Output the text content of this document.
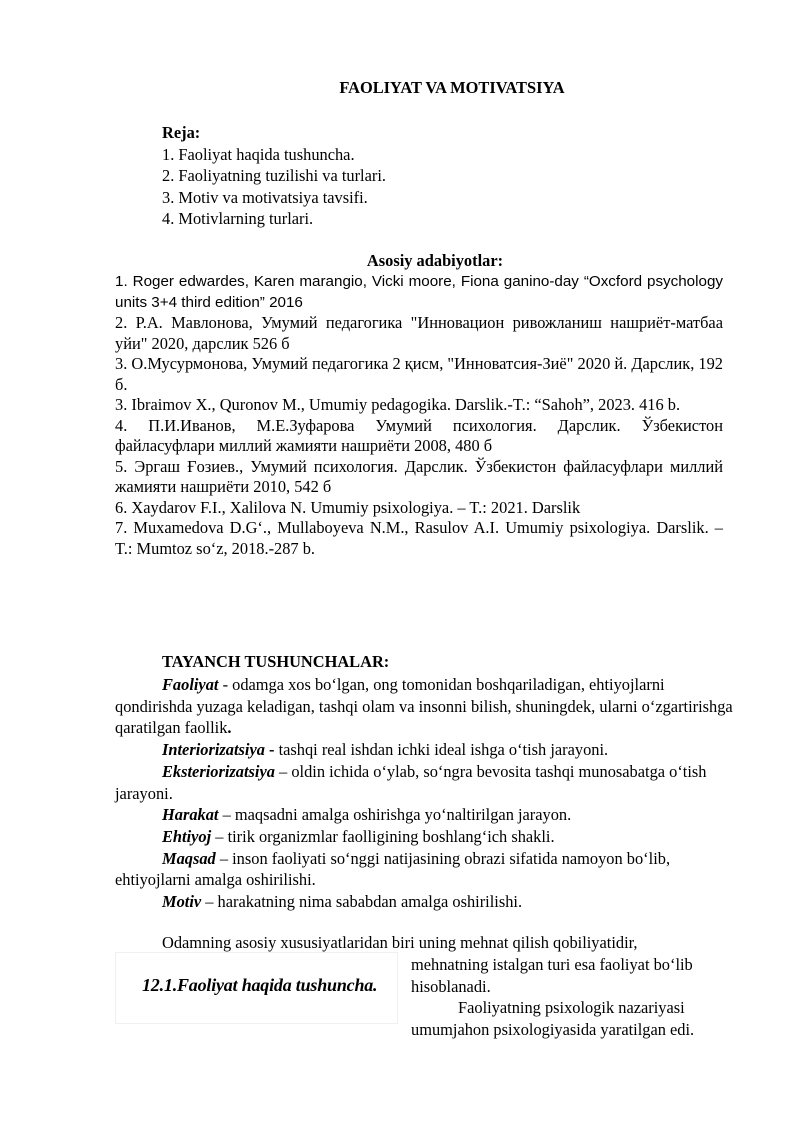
FAOLIYAT VA MOTIVATSIYA
Reja:
1. Faoliyat haqida tushuncha.
2. Faoliyatning tuzilishi va turlari.
3. Motiv va motivatsiya tavsifi.
4. Motivlarning turlari.
Asosiy adabiyotlar:

1. Roger edwardes, Karen marangio, Vicki moore, Fiona ganino-day “Oxcford psychology units 3+4 third edition” 2016

2. Р.А. Мавлонова, Умумий педагогика "Инновацион ривожланиш нашриёт-матбаа уйи" 2020, дарслик 526 б

3. О.Мусурмонова, Умумий педагогика 2 қисм, "Инноватсия-Зиё" 2020 й. Дарслик, 192 б.

3. Ibraimov X., Quronov M., Umumiy pedagogika. Darslik.-T.: “Sahoh”, 2023. 416 b.

4. П.И.Иванов, М.Е.Зуфарова Умумий психология. Дарслик. Ўзбекистон файласуфлари миллий жамияти нашриёти 2008, 480 б

5. Эргаш Ғозиев., Умумий психология. Дарслик. Ўзбекистон файласуфлари миллий жамияти нашриёти 2010, 542 б

6. Xaydarov F.I., Xalilova N. Umumiy psixologiya. – T.: 2021. Darslik

7. Muxamedova D.G‘., Mullaboyeva N.M., Rasulov A.I. Umumiy psixologiya. Darslik. – T.: Mumtoz so‘z, 2018.-287 b.

TAYANCH TUSHUNCHALAR:

Faoliyat - odamga xos bo‘lgan, ong tomonidan boshqariladigan, ehtiyojlarni qondirishda yuzaga keladigan, tashqi olam va insonni bilish, shuningdek, ularni o‘zgartirishga qaratilgan faollik.

Interiorizatsiya - tashqi real ishdan ichki ideal ishga o‘tish jarayoni.

Eksteriorizatsiya – oldin ichida o‘ylab, so‘ngra bevosita tashqi munosabatga o‘tish jarayoni.

Harakat – maqsadni amalga oshirishga yo‘naltirilgan jarayon.

Ehtiyoj – tirik organizmlar faolligining boshlang‘ich shakli.

Maqsad – inson faoliyati so‘nggi natijasining obrazi sifatida namoyon bo‘lib, ehtiyojlarni amalga oshirilishi.

Motiv – harakatning nima sababdan amalga oshirilishi.

Odamning asosiy xususiyatlaridan biri uning mehnat qilish qobiliyatidir,
12.1.Faoliyat haqida tushuncha.

mehnatning istalgan turi esa faoliyat bo‘lib hisoblanadi.

Faoliyatning psixologik nazariyasi umumjahon psixologiyasida yaratilgan edi.
